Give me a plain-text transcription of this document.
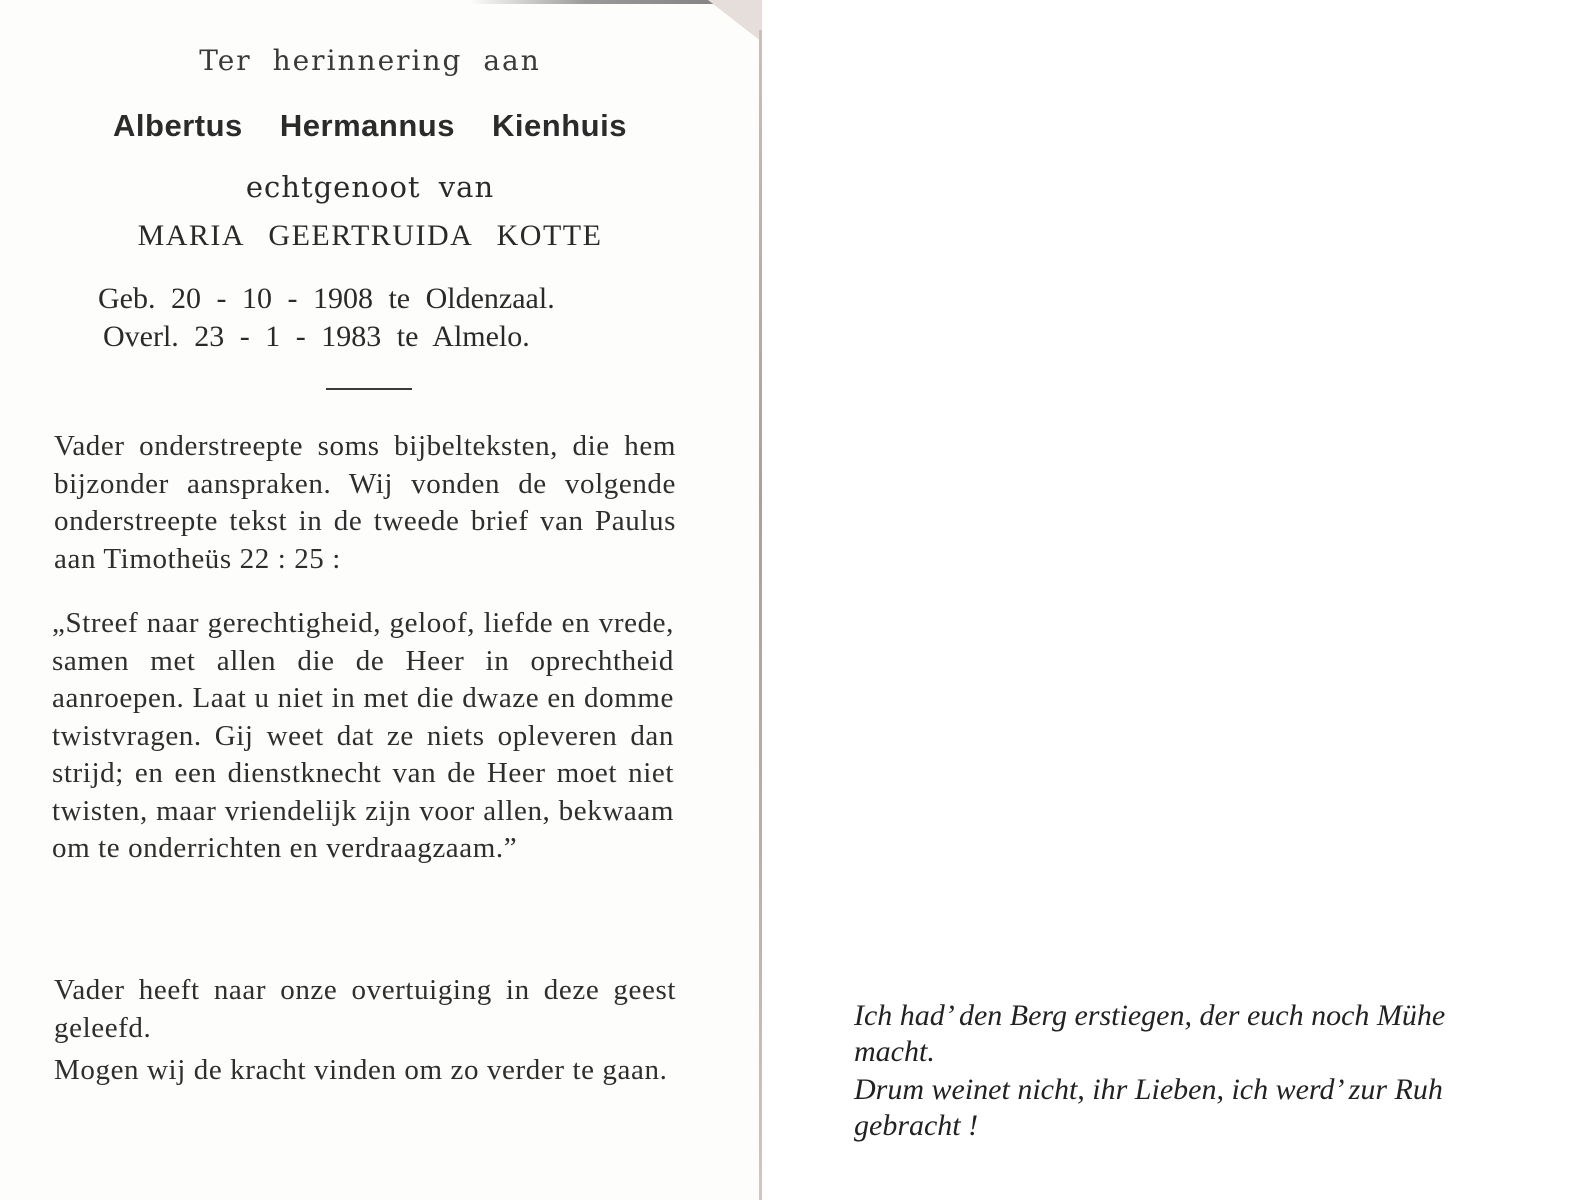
Ter herinnering aan
Albertus Hermannus Kienhuis
echtgenoot van
MARIA GEERTRUIDA KOTTE
Geb. 20 - 10 - 1908 te Oldenzaal.
Overl. 23 - 1 - 1983 te Almelo.
Vader onderstreepte soms bijbelteksten, die hem bijzonder aanspraken. Wij vonden de volgende onderstreepte tekst in de tweede brief van Paulus aan Timotheüs 22 : 25 :
„Streef naar gerechtigheid, geloof, liefde en vrede, samen met allen die de Heer in oprechtheid aanroepen. Laat u niet in met die dwaze en domme twistvragen. Gij weet dat ze niets opleveren dan strijd; en een dienstknecht van de Heer moet niet twisten, maar vriendelijk zijn voor allen, bekwaam om te onderrichten en verdraagzaam.”
Vader heeft naar onze overtuiging in deze geest geleefd.
Mogen wij de kracht vinden om zo verder te gaan.

Ich had’ den Berg erstiegen, der euch noch Mühe macht.

Drum weinet nicht, ihr Lieben, ich werd’ zur Ruh gebracht !
